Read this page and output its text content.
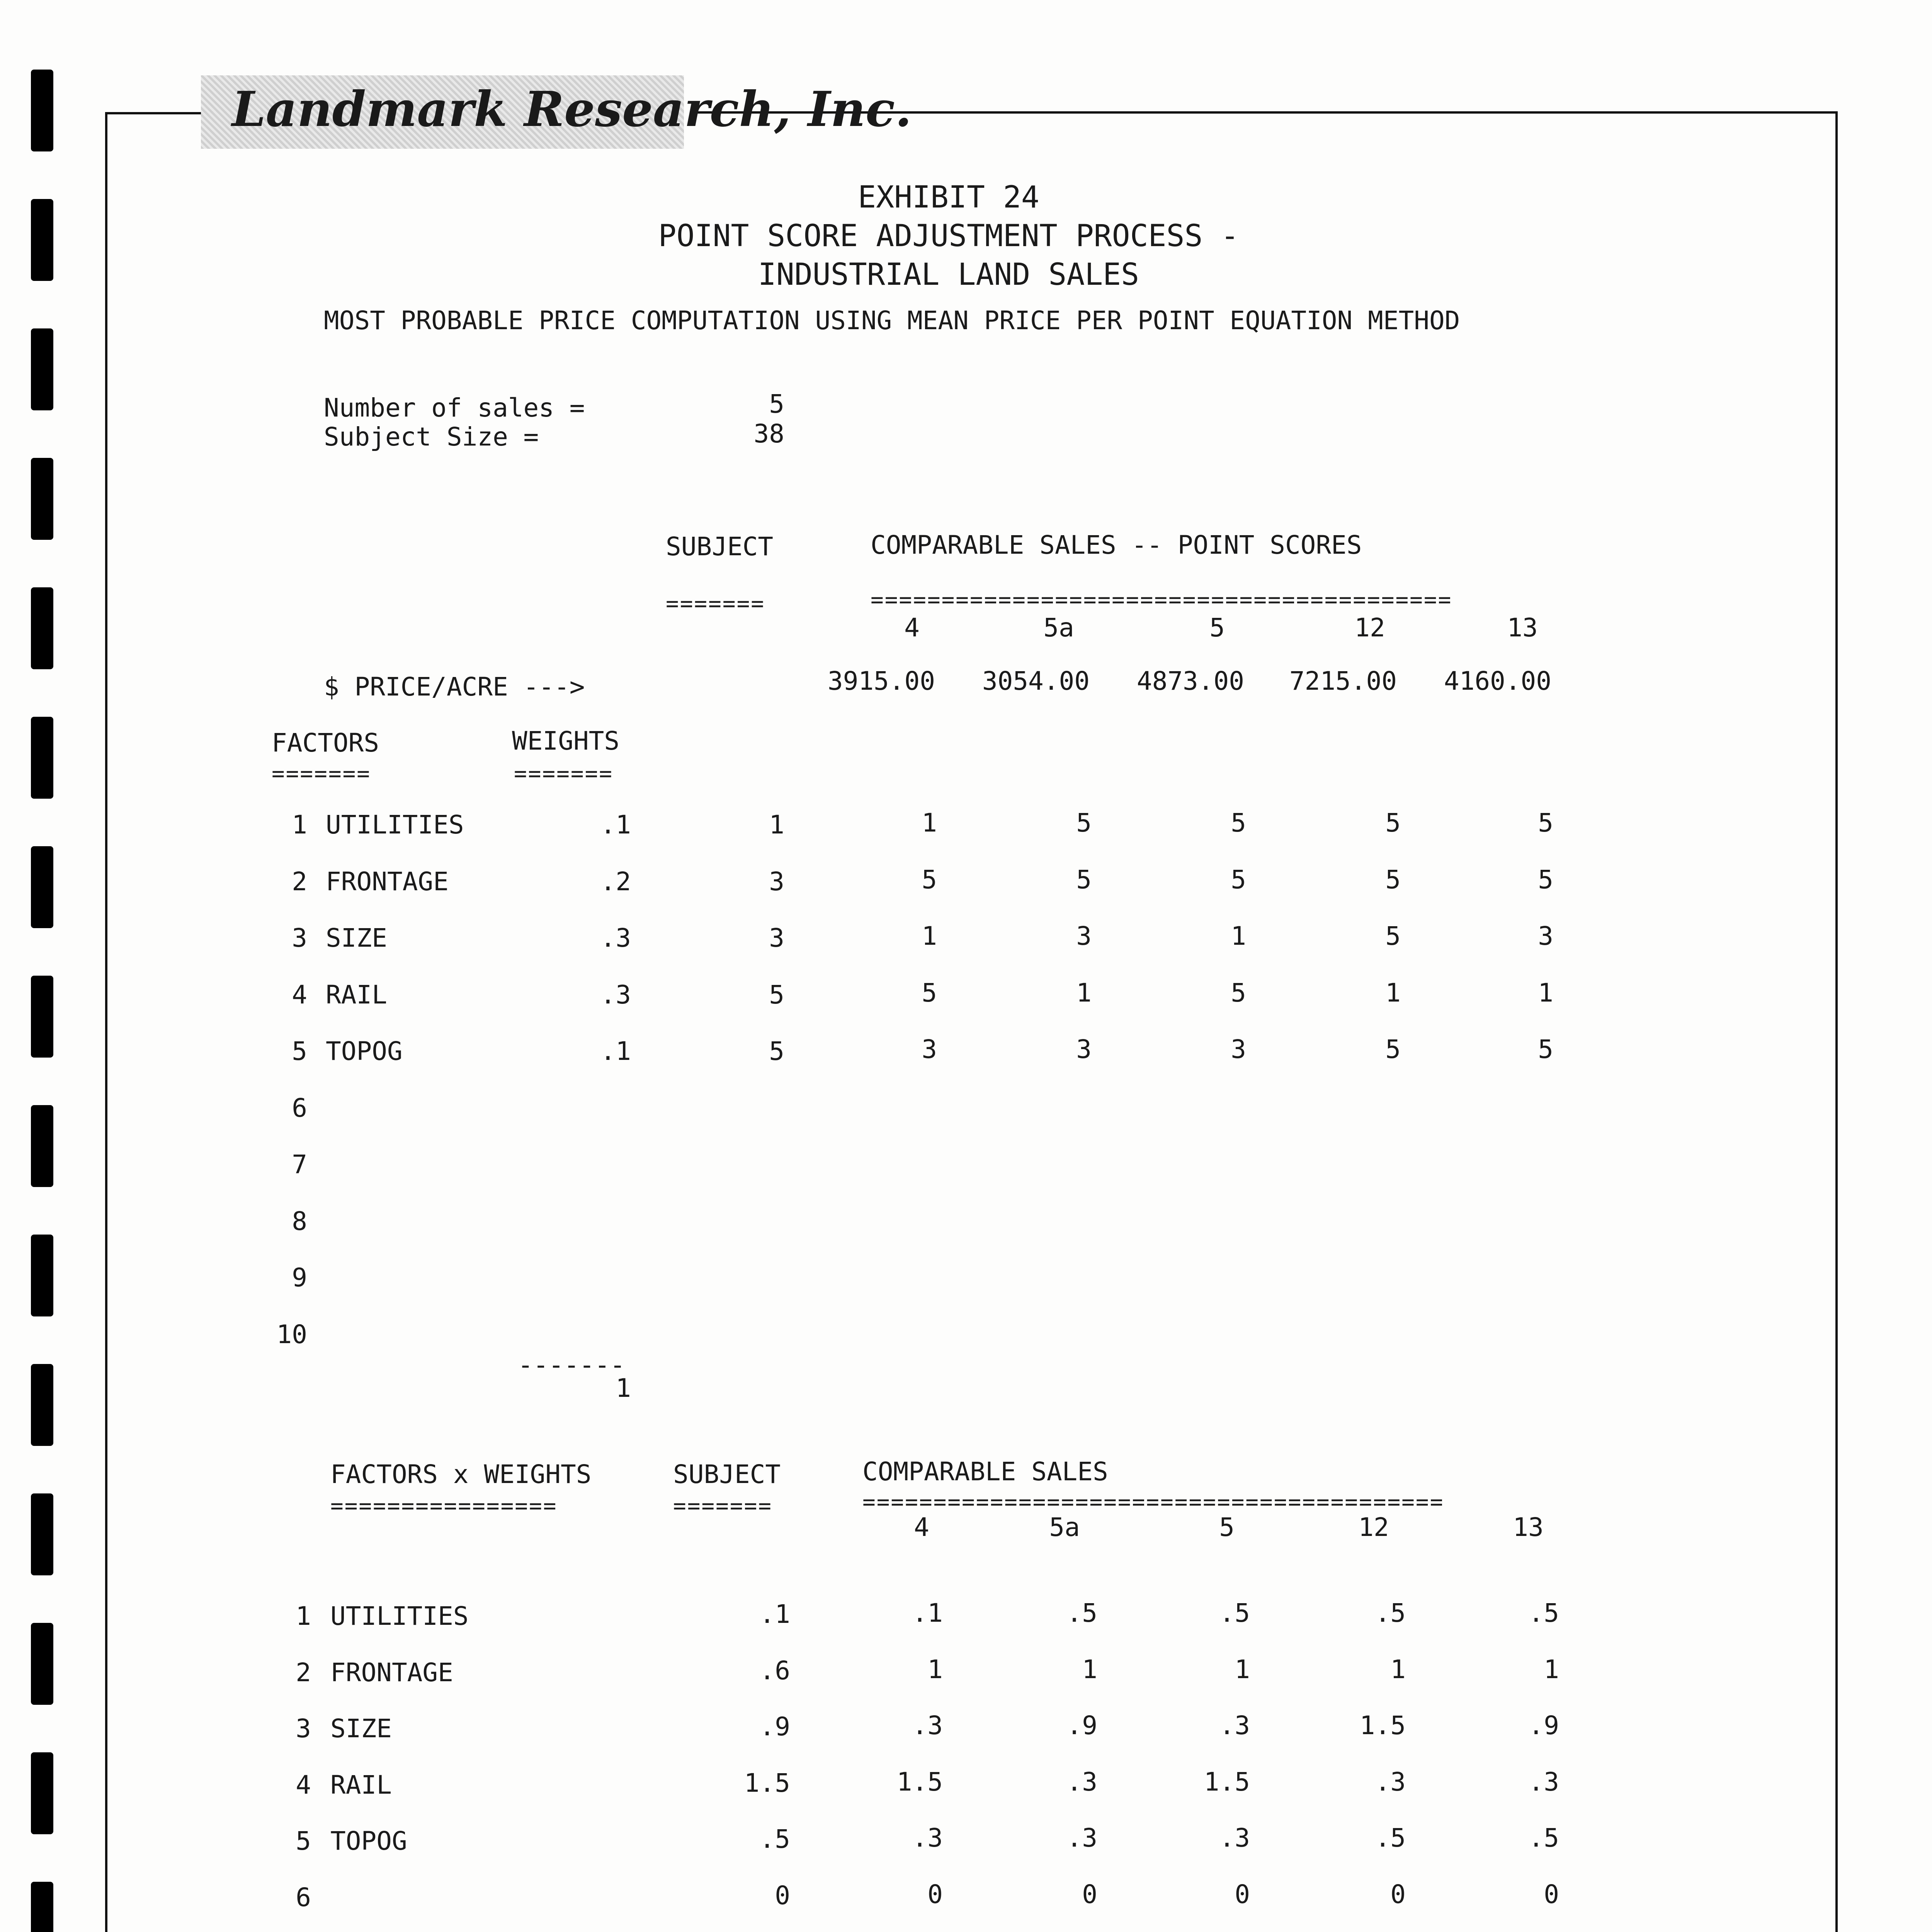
Landmark Research, Inc.
EXHIBIT 24
POINT SCORE ADJUSTMENT PROCESS -
INDUSTRIAL LAND SALES
MOST PROBABLE PRICE COMPUTATION USING MEAN PRICE PER POINT EQUATION METHOD
Number of sales =	5
Subject Size =	38
SUBJECT	COMPARABLE SALES -- POINT SCORES
=======	=========================================
4	5a	5	12	13
$ PRICE/ACRE --->	3915.00 3054.00 4873.00 7215.00 4160.00
FACTORS	WEIGHTS
=======	=======
1 UTILITIES	.1	1	1	5	5	5	5
2 FRONTAGE	.2	3	5	5	5	5	5
3 SIZE	.3	3	1	3	1	5	3
4 RAIL	.3	5	5	1	5	1	1
5 TOPOG	.1	5	3	3	3	5	5
6
7
8
9
10
-------
1
FACTORS x WEIGHTS	SUBJECT	COMPARABLE SALES
================	=======	=========================================
4	5a	5	12	13
1 UTILITIES	.1	.1	.5	.5	.5	.5
2 FRONTAGE	.6	1	1	1	1	1
3 SIZE	.9	.3	.9	.3	1.5	.9
4 RAIL	1.5	1.5	.3	1.5	.3	.3
5 TOPOG	.5	.3	.3	.3	.5	.5
6	0	0	0	0	0	0
